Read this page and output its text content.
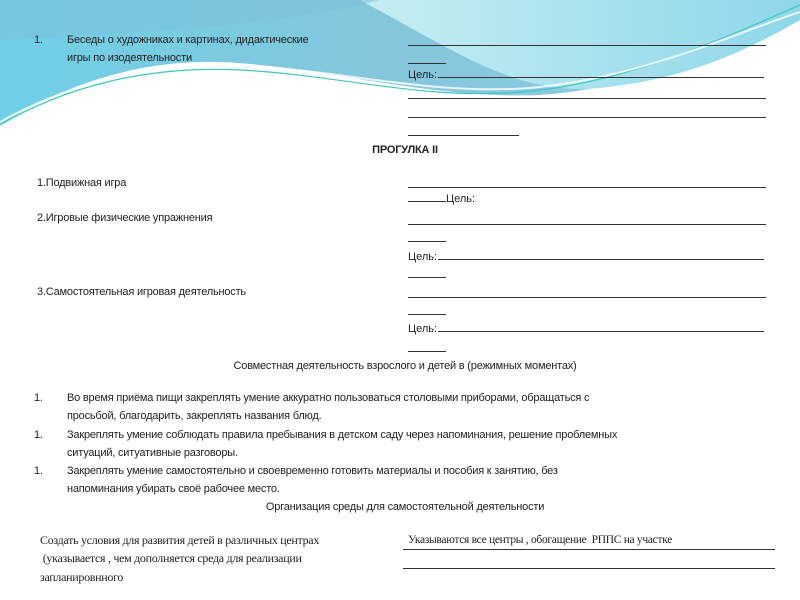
1. Беседы о художниках и картинах, дидактические
игры по изодеятельности
Цель:
ПРОГУЛКА II
1.Подвижная игра
2.Игровые физические упражнения
3.Самостоятельная игровая деятельность
Цель:
Цель:
Цель:
Совместная деятельность взрослого и детей в (режимных моментах)
1. Во время приёма пищи закреплять умение аккуратно пользоваться столовыми приборами, обращаться с
просьбой, благодарить, закреплять названия блюд.
1. Закреплять умение соблюдать правила пребывания в детском саду через напоминания, решение проблемных
ситуаций, ситуативные разговоры.
1. Закреплять умение самостоятельно и своевременно готовить материалы и пособия к занятию, без
напоминания убирать своё рабочее место.
Организация среды для самостоятельной деятельности
Создать условия для развития детей в различных центрах
(указывается , чем дополняется среда для реализации
запланировнного
Указываются все центры , обогащение  РППС на участке
